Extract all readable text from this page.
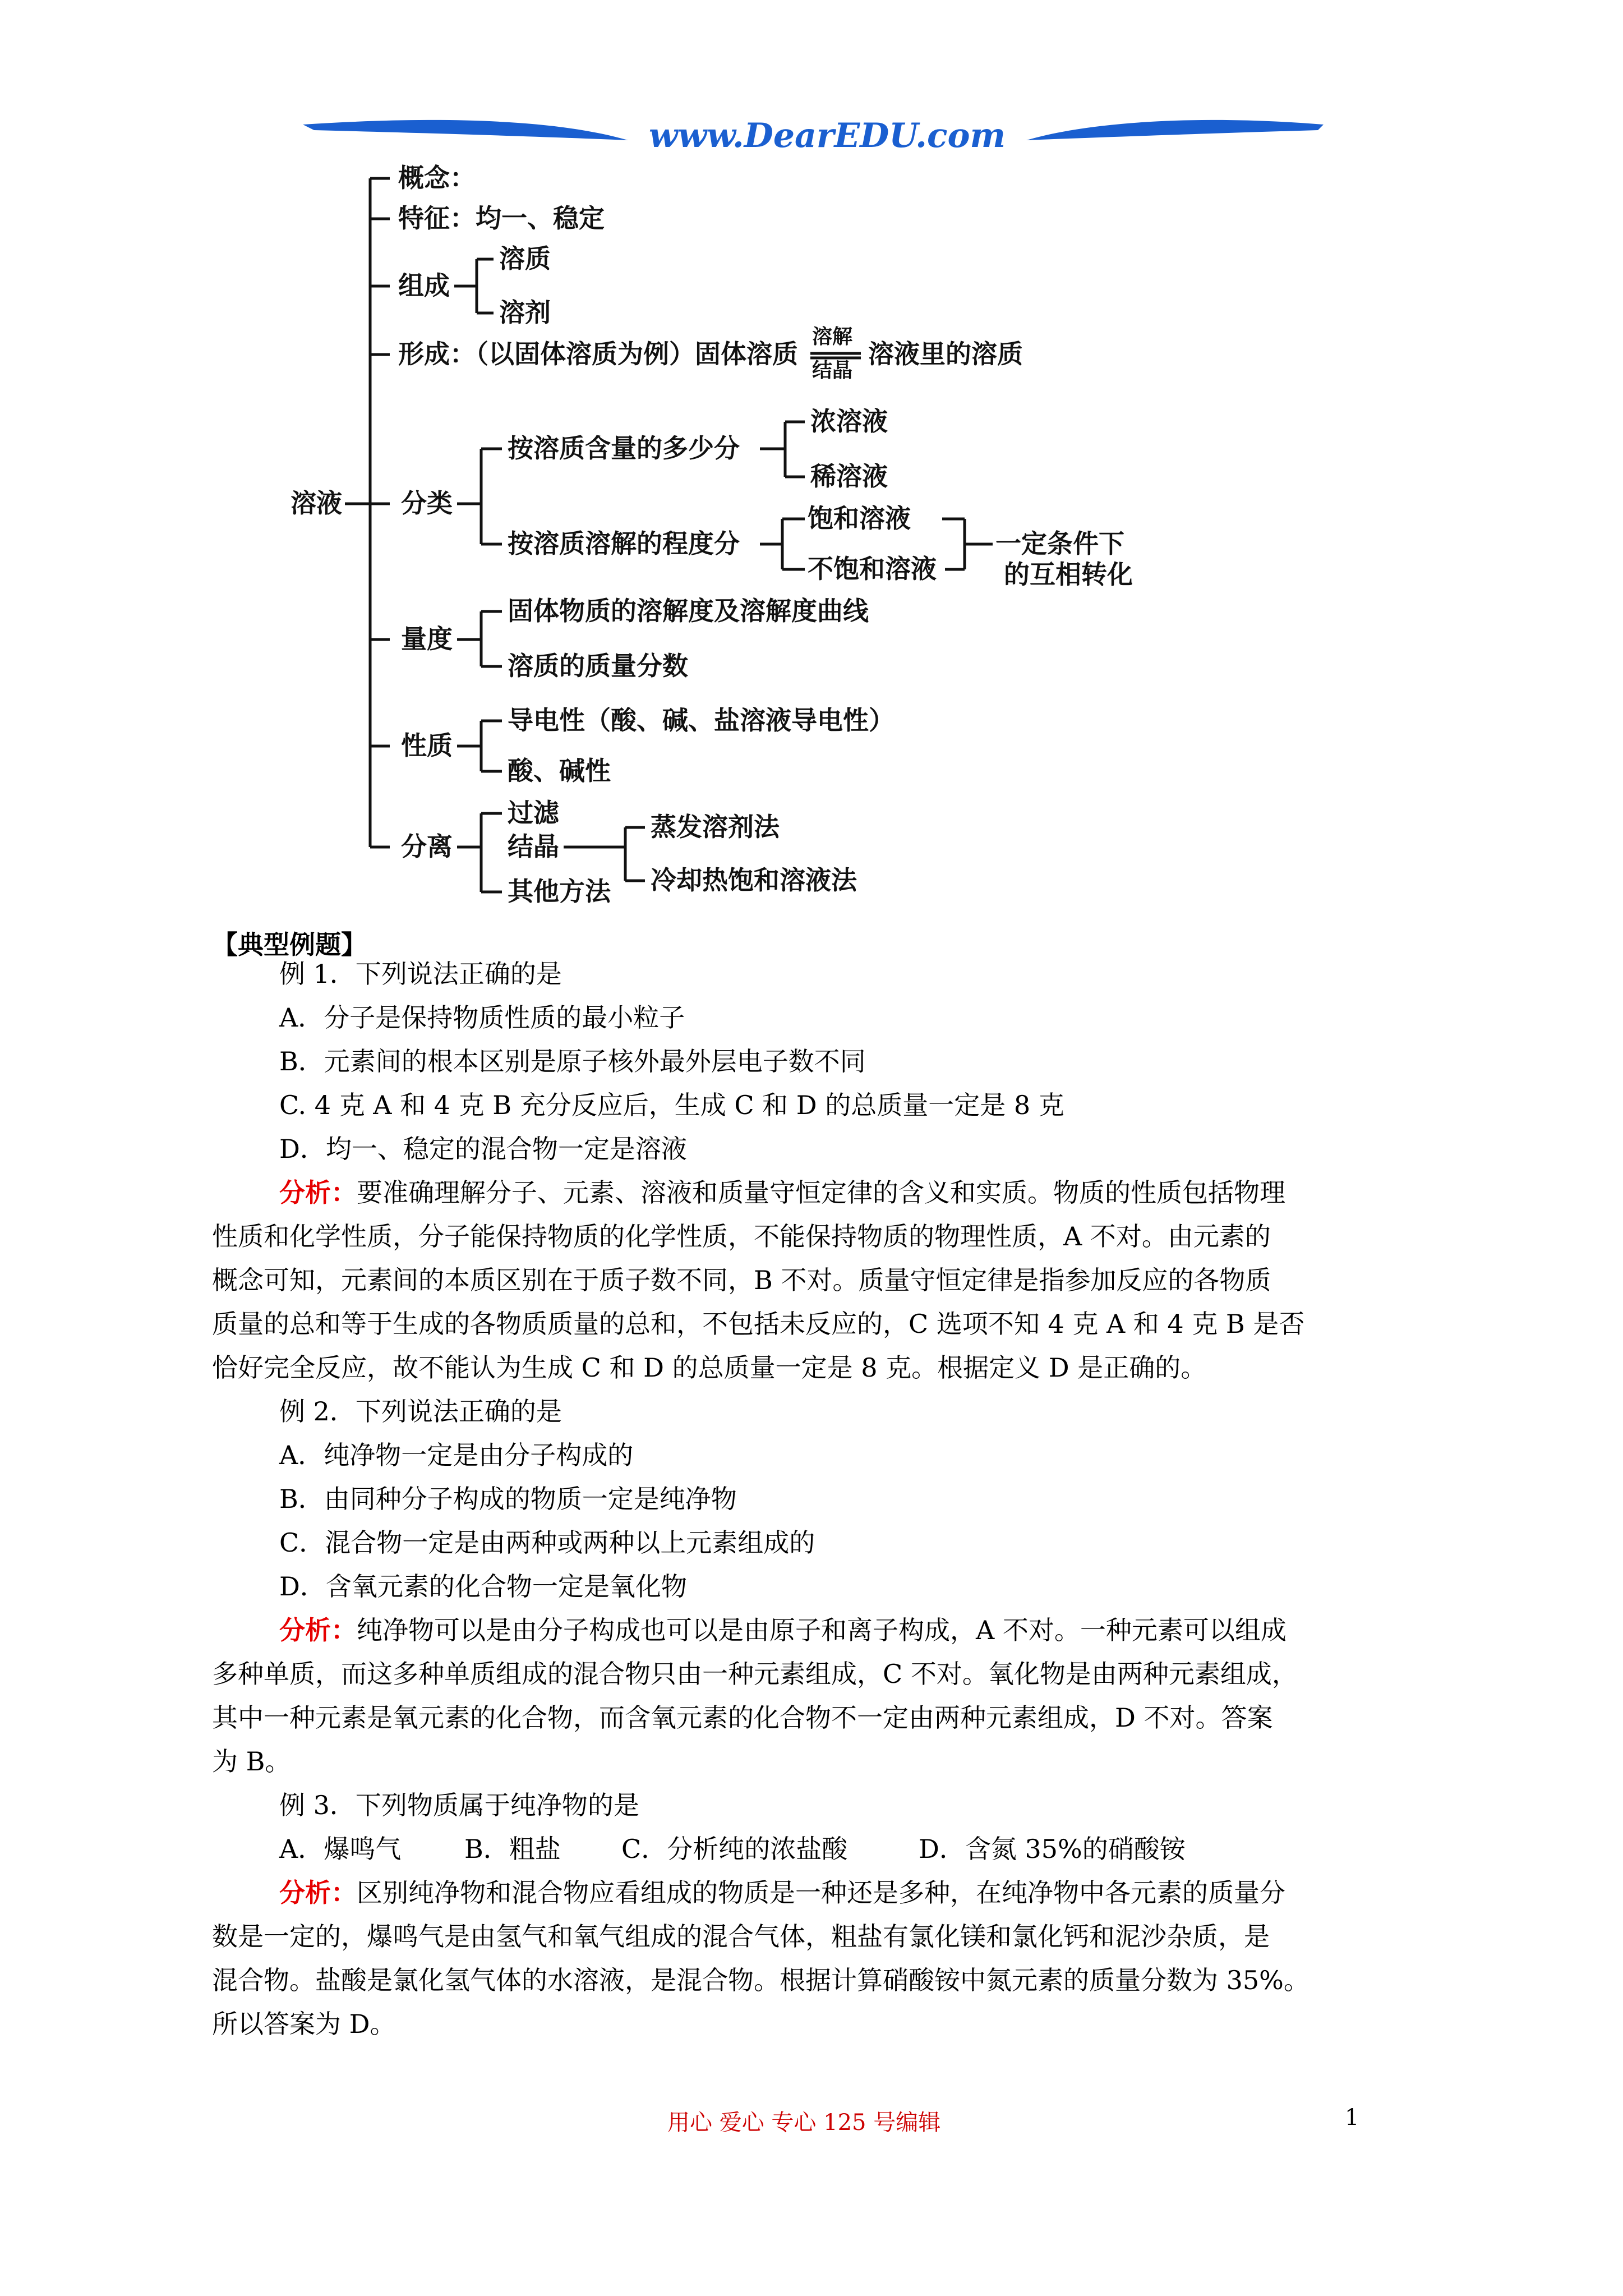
www.DearEDU.com
溶液
概念：
特征：均一、稳定
组成
溶质
溶剂
形成：（以固体溶质为例）固体溶质
溶解
结晶
溶液里的溶质
分类
按溶质含量的多少分
浓溶液
稀溶液
按溶质溶解的程度分
饱和溶液
不饱和溶液
一定条件下
的互相转化
量度
固体物质的溶解度及溶解度曲线
溶质的质量分数
性质
导电性（酸、碱、盐溶液导电性）
酸、碱性
分离
过滤
结晶
其他方法
蒸发溶剂法
冷却热饱和溶液法
【典型例题】
例 1．下列说法正确的是
A．分子是保持物质性质的最小粒子
B．元素间的根本区别是原子核外最外层电子数不同
C. 4 克 A 和 4 克 B 充分反应后，生成 C 和 D 的总质量一定是 8 克
D．均一、稳定的混合物一定是溶液
分析：要准确理解分子、元素、溶液和质量守恒定律的含义和实质。物质的性质包括物理
性质和化学性质，分子能保持物质的化学性质，不能保持物质的物理性质，A 不对。由元素的
概念可知，元素间的本质区别在于质子数不同，B 不对。质量守恒定律是指参加反应的各物质
质量的总和等于生成的各物质质量的总和，不包括未反应的，C 选项不知 4 克 A 和 4 克 B 是否
恰好完全反应，故不能认为生成 C 和 D 的总质量一定是 8 克。根据定义 D 是正确的。
例 2．下列说法正确的是
A．纯净物一定是由分子构成的
B．由同种分子构成的物质一定是纯净物
C．混合物一定是由两种或两种以上元素组成的
D．含氧元素的化合物一定是氧化物
分析：纯净物可以是由分子构成也可以是由原子和离子构成，A 不对。一种元素可以组成
多种单质，而这多种单质组成的混合物只由一种元素组成，C 不对。氧化物是由两种元素组成，
其中一种元素是氧元素的化合物，而含氧元素的化合物不一定由两种元素组成，D 不对。答案
为 B。
例 3．下列物质属于纯净物的是
A．爆鸣气 B．粗盐 C．分析纯的浓盐酸	D．含氮 35%的硝酸铵
分析：区别纯净物和混合物应看组成的物质是一种还是多种，在纯净物中各元素的质量分
数是一定的，爆鸣气是由氢气和氧气组成的混合气体，粗盐有氯化镁和氯化钙和泥沙杂质，是
混合物。盐酸是氯化氢气体的水溶液，是混合物。根据计算硝酸铵中氮元素的质量分数为 35%。
所以答案为 D。
用心 爱心 专心 125 号编辑	1
